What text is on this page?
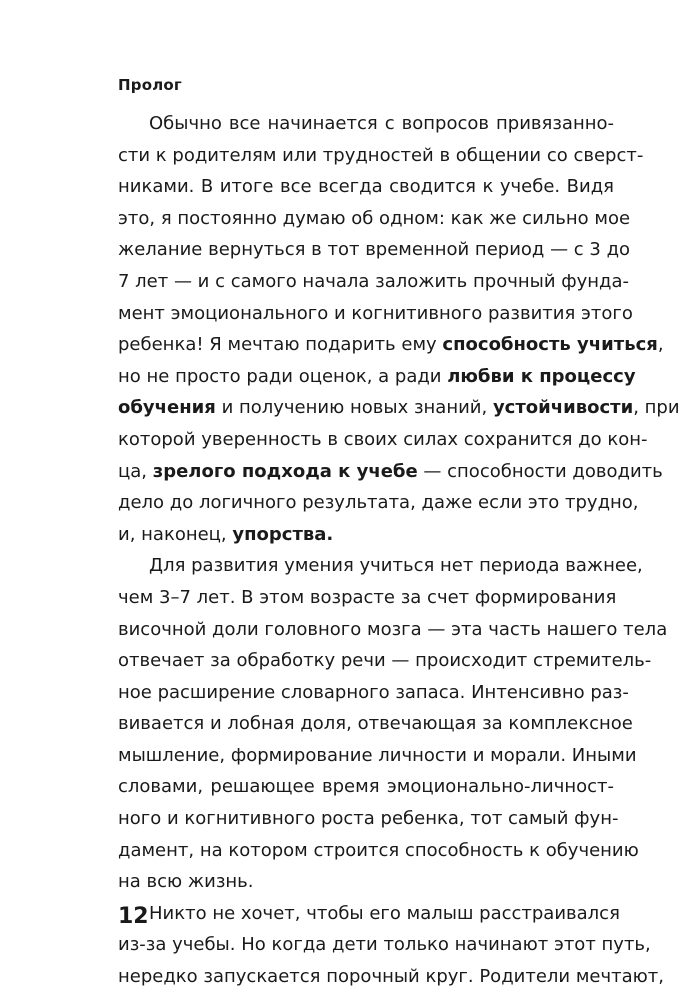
Пролог
Обычно все начинается с вопросов привязанно-
сти к родителям или трудностей в общении со сверст-
никами. В итоге все всегда сводится к учебе. Видя
это, я постоянно думаю об одном: как же сильно мое
желание вернуться в тот временной период — с 3 до
7 лет — и с самого начала заложить прочный фунда-
мент эмоционального и когнитивного развития этого
ребенка! Я мечтаю подарить ему способность учиться,
но не просто ради оценок, а ради любви к процессу
обучения и получению новых знаний, устойчивости, при
которой уверенность в своих силах сохранится до кон-
ца, зрелого подхода к учебе — способности доводить
дело до логичного результата, даже если это трудно,
и, наконец, упорства.
Для развития умения учиться нет периода важнее,
чем 3–7 лет. В этом возрасте за счет формирования
височной доли головного мозга — эта часть нашего тела
отвечает за обработку речи — происходит стремитель-
ное расширение словарного запаса. Интенсивно раз-
вивается и лобная доля, отвечающая за комплексное
мышление, формирование личности и морали. Иными
словами, решающее время эмоционально-личност-
ного и когнитивного роста ребенка, тот самый фун-
дамент, на котором строится способность к обучению
на всю жизнь.
Никто не хочет, чтобы его малыш расстраивался
из-за учебы. Но когда дети только начинают этот путь,
нередко запускается порочный круг. Родители мечтают,
12
